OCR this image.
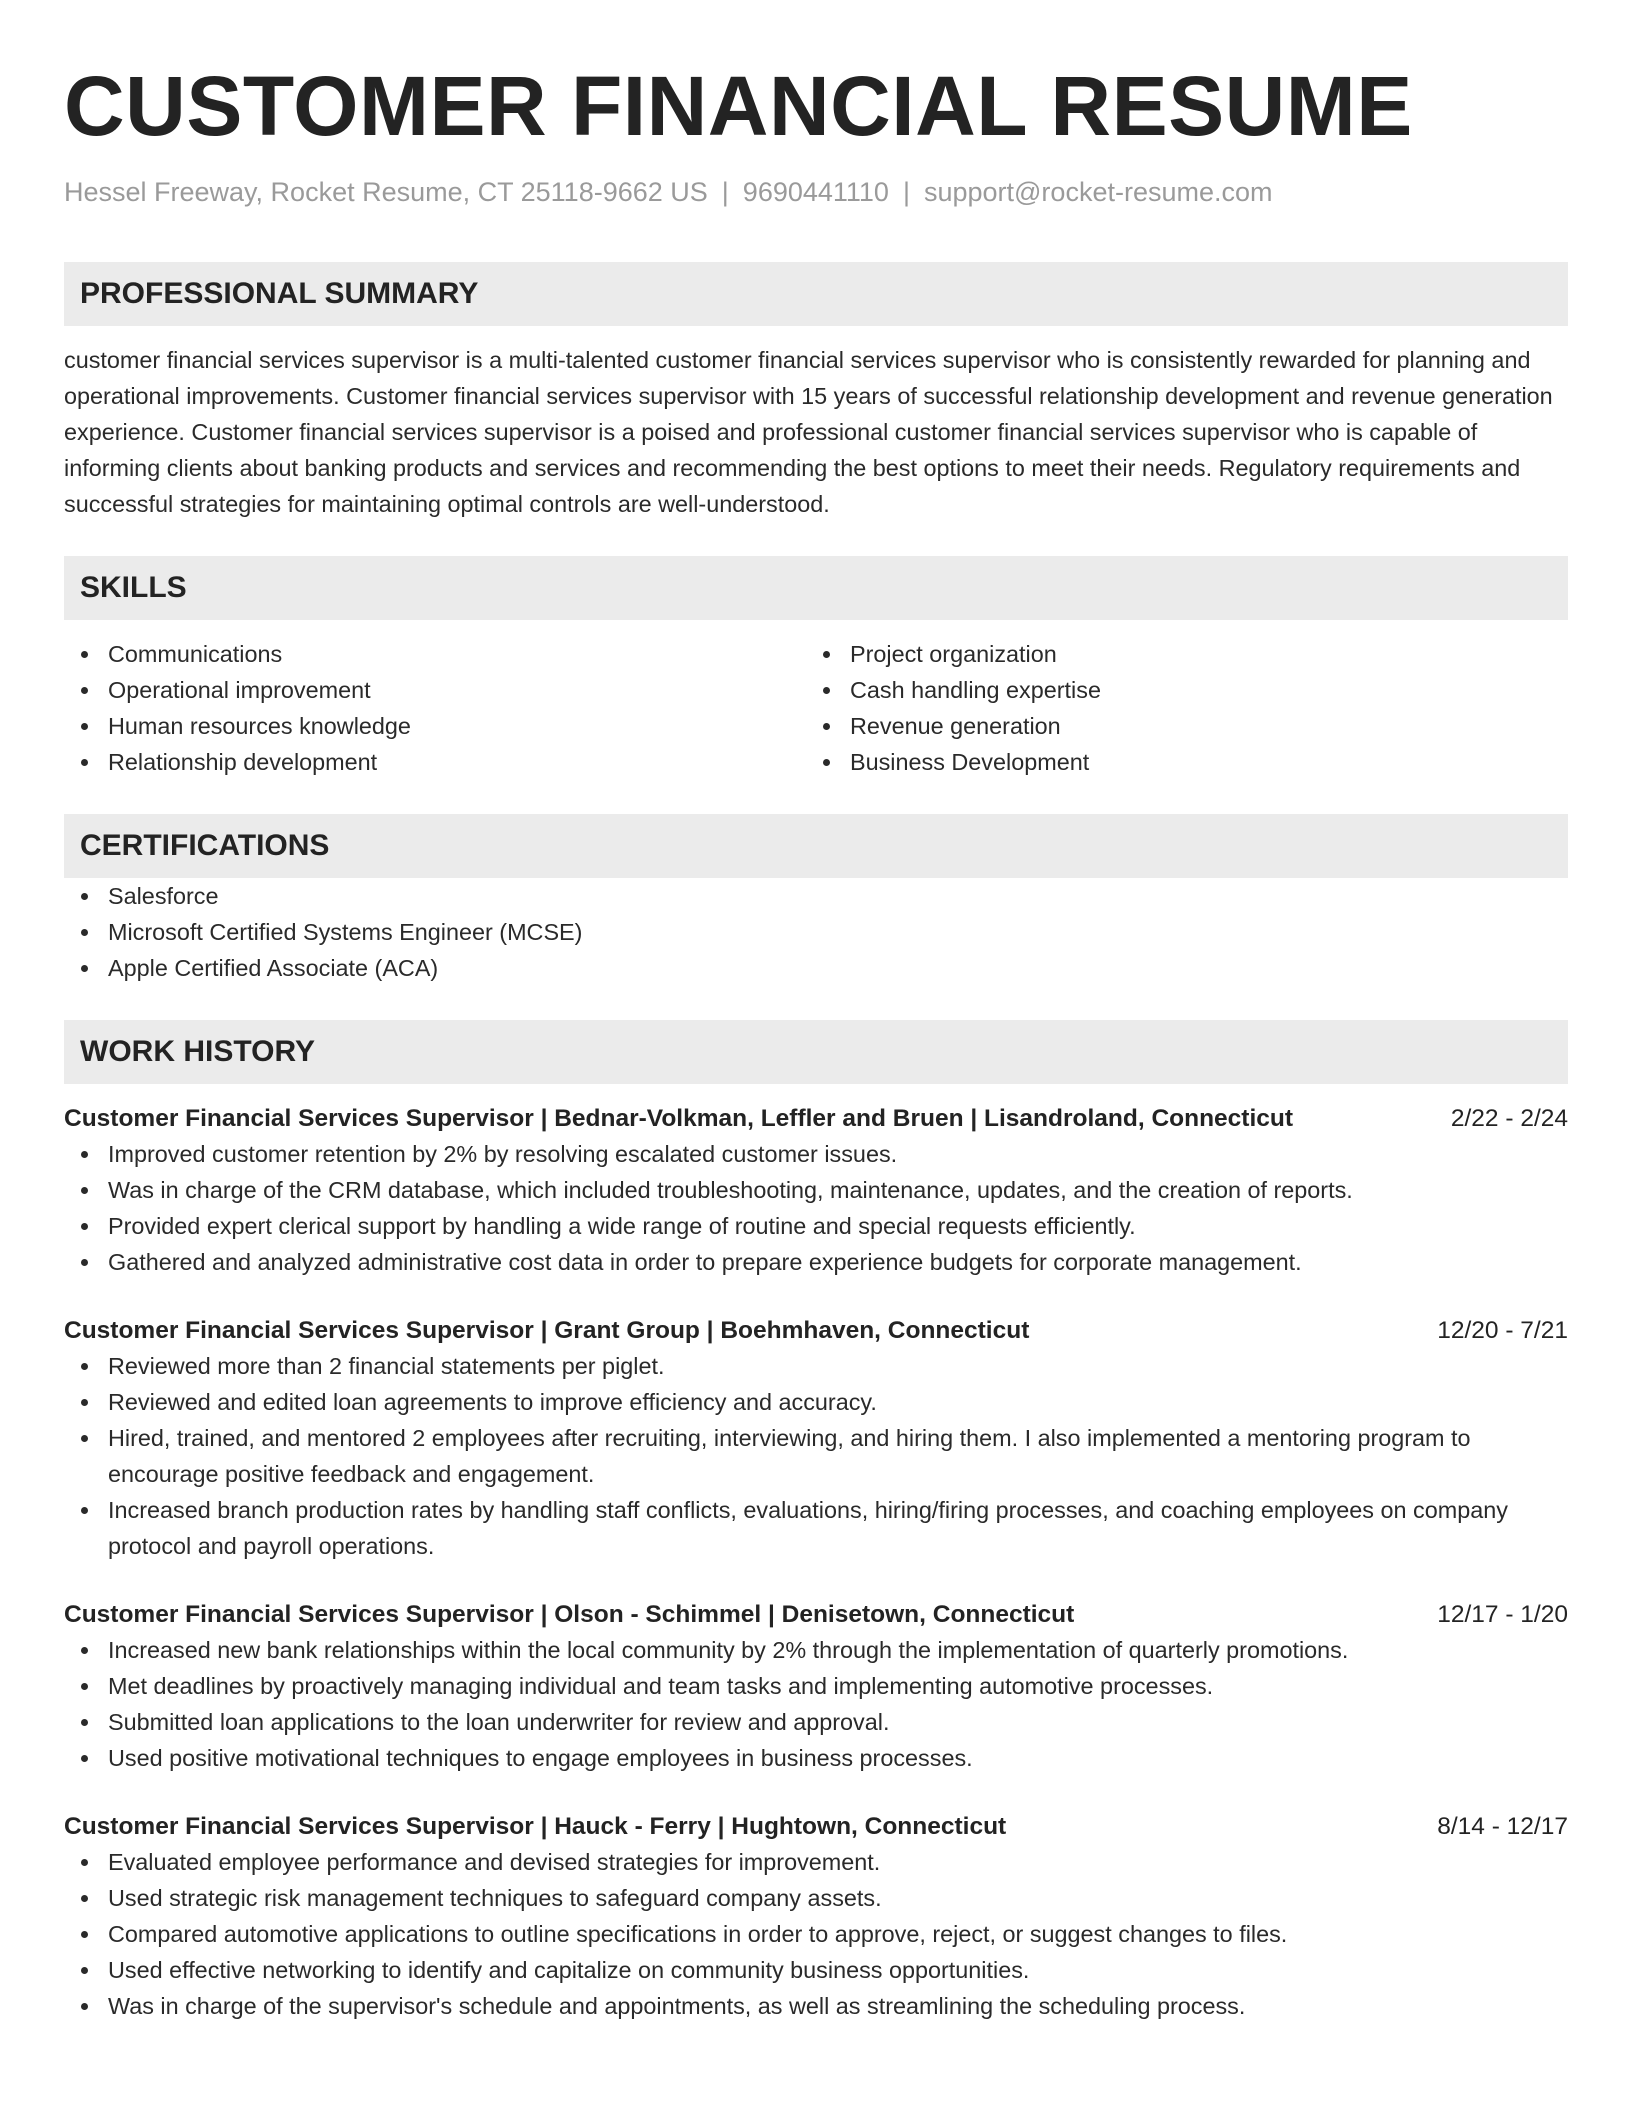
CUSTOMER FINANCIAL RESUME
Hessel Freeway, Rocket Resume, CT 25118-9662 US | 9690441110 | support@rocket-resume.com
PROFESSIONAL SUMMARY
customer financial services supervisor is a multi-talented customer financial services supervisor who is consistently rewarded for planning and operational improvements. Customer financial services supervisor with 15 years of successful relationship development and revenue generation experience. Customer financial services supervisor is a poised and professional customer financial services supervisor who is capable of informing clients about banking products and services and recommending the best options to meet their needs. Regulatory requirements and successful strategies for maintaining optimal controls are well-understood.
SKILLS
Communications
Operational improvement
Human resources knowledge
Relationship development
Project organization
Cash handling expertise
Revenue generation
Business Development
CERTIFICATIONS
Salesforce
Microsoft Certified Systems Engineer (MCSE)
Apple Certified Associate (ACA)
WORK HISTORY
Customer Financial Services Supervisor | Bednar-Volkman, Leffler and Bruen | Lisandroland, Connecticut	2/22 - 2/24
Improved customer retention by 2% by resolving escalated customer issues.
Was in charge of the CRM database, which included troubleshooting, maintenance, updates, and the creation of reports.
Provided expert clerical support by handling a wide range of routine and special requests efficiently.
Gathered and analyzed administrative cost data in order to prepare experience budgets for corporate management.
Customer Financial Services Supervisor | Grant Group | Boehmhaven, Connecticut	12/20 - 7/21
Reviewed more than 2 financial statements per piglet.
Reviewed and edited loan agreements to improve efficiency and accuracy.
Hired, trained, and mentored 2 employees after recruiting, interviewing, and hiring them. I also implemented a mentoring program to encourage positive feedback and engagement.
Increased branch production rates by handling staff conflicts, evaluations, hiring/firing processes, and coaching employees on company protocol and payroll operations.
Customer Financial Services Supervisor | Olson - Schimmel | Denisetown, Connecticut	12/17 - 1/20
Increased new bank relationships within the local community by 2% through the implementation of quarterly promotions.
Met deadlines by proactively managing individual and team tasks and implementing automotive processes.
Submitted loan applications to the loan underwriter for review and approval.
Used positive motivational techniques to engage employees in business processes.
Customer Financial Services Supervisor | Hauck - Ferry | Hughtown, Connecticut	8/14 - 12/17
Evaluated employee performance and devised strategies for improvement.
Used strategic risk management techniques to safeguard company assets.
Compared automotive applications to outline specifications in order to approve, reject, or suggest changes to files.
Used effective networking to identify and capitalize on community business opportunities.
Was in charge of the supervisor's schedule and appointments, as well as streamlining the scheduling process.
